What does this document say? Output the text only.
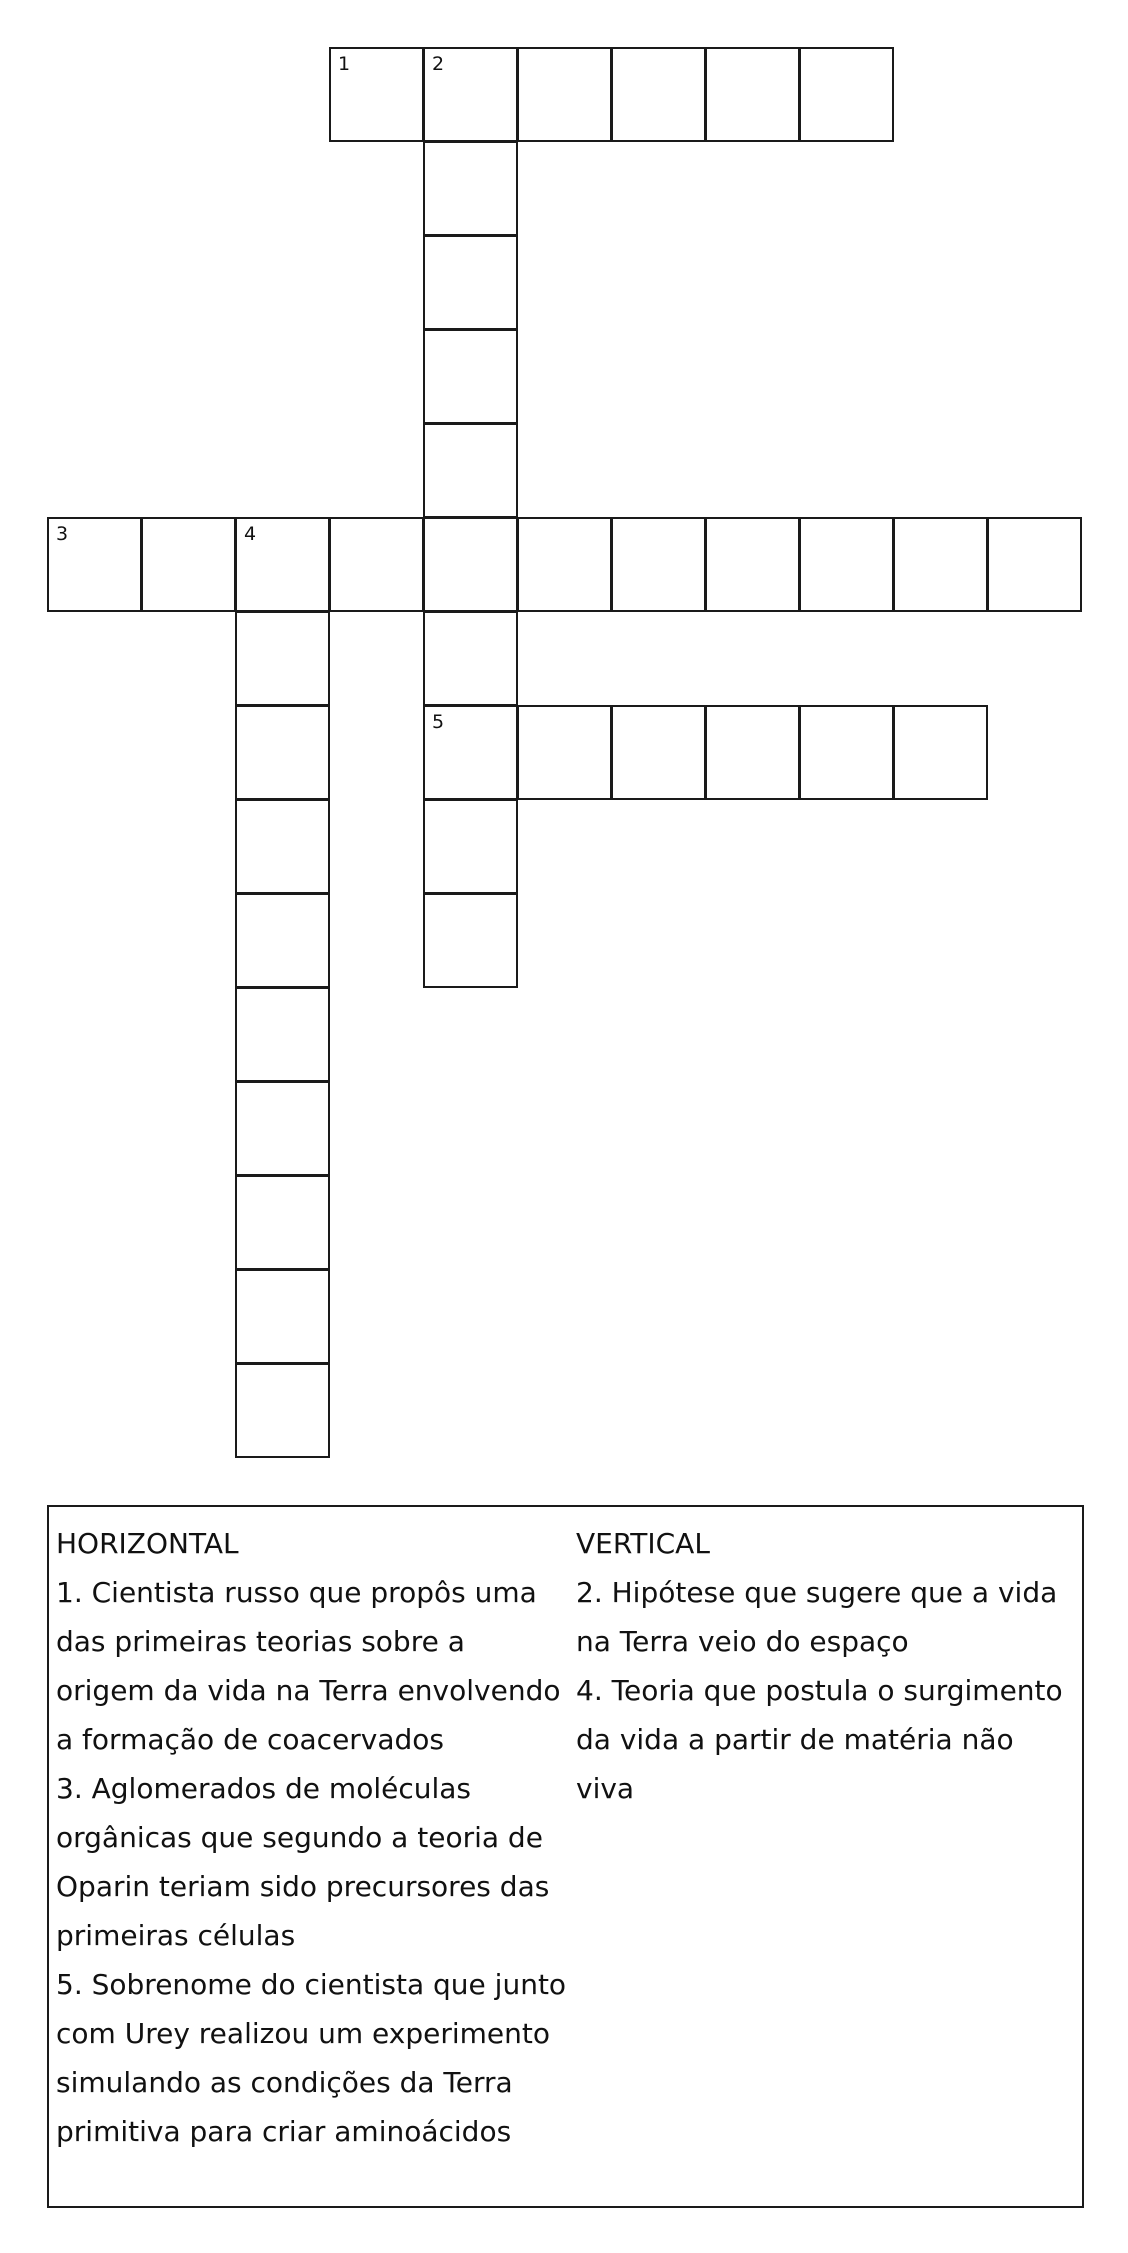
1	2
5
3	4

HORIZONTAL

1. Cientista russo que propôs uma das primeiras teorias sobre a origem da vida na Terra envolvendo a formação de coacervados

3. Aglomerados de moléculas orgânicas que segundo a teoria de Oparin teriam sido precursores das primeiras células

5. Sobrenome do cientista que junto com Urey realizou um experimento simulando as condições da Terra primitiva para criar aminoácidos

VERTICAL

2. Hipótese que sugere que a vida na Terra veio do espaço

4. Teoria que postula o surgimento da vida a partir de matéria não viva
